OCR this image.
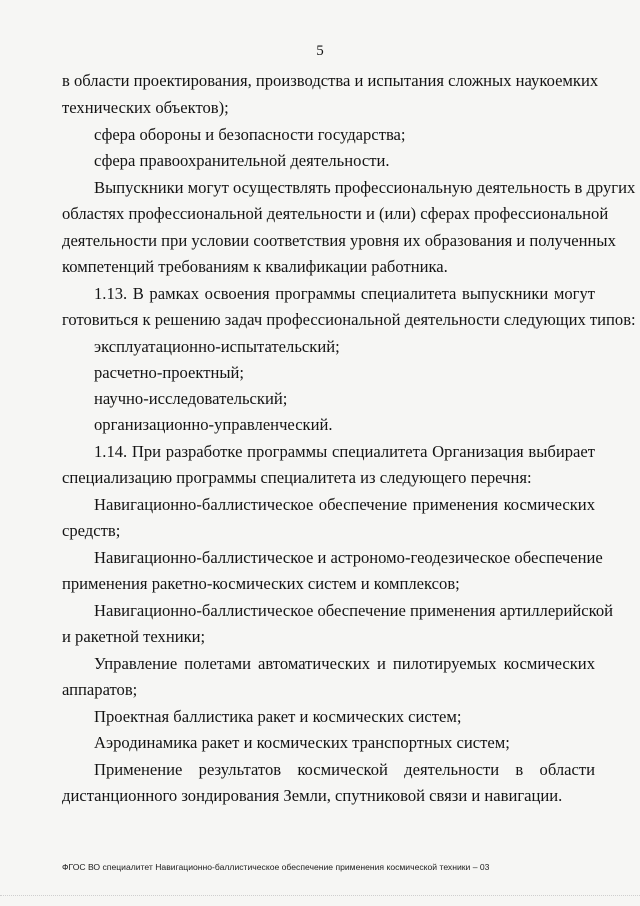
5
в области проектирования, производства и испытания сложных наукоемких
технических объектов);
сфера обороны и безопасности государства;
сфера правоохранительной деятельности.
Выпускники могут осуществлять профессиональную деятельность в других
областях профессиональной деятельности и (или) сферах профессиональной
деятельности при условии соответствия уровня их образования и полученных
компетенций требованиям к квалификации работника.
1.13. В рамках освоения программы специалитета выпускники могут
готовиться к решению задач профессиональной деятельности следующих типов:
эксплуатационно-испытательский;
расчетно-проектный;
научно-исследовательский;
организационно-управленческий.
1.14. При разработке программы специалитета Организация выбирает
специализацию программы специалитета из следующего перечня:
Навигационно-баллистическое обеспечение применения космических
средств;
Навигационно-баллистическое и астрономо-геодезическое обеспечение
применения ракетно-космических систем и комплексов;
Навигационно-баллистическое обеспечение применения артиллерийской
и ракетной техники;
Управление полетами автоматических и пилотируемых космических
аппаратов;
Проектная баллистика ракет и космических систем;
Аэродинамика ракет и космических транспортных систем;
Применение результатов космической деятельности в области
дистанционного зондирования Земли, спутниковой связи и навигации.
ФГОС ВО специалитет Навигационно-баллистическое обеспечение применения космической техники – 03
